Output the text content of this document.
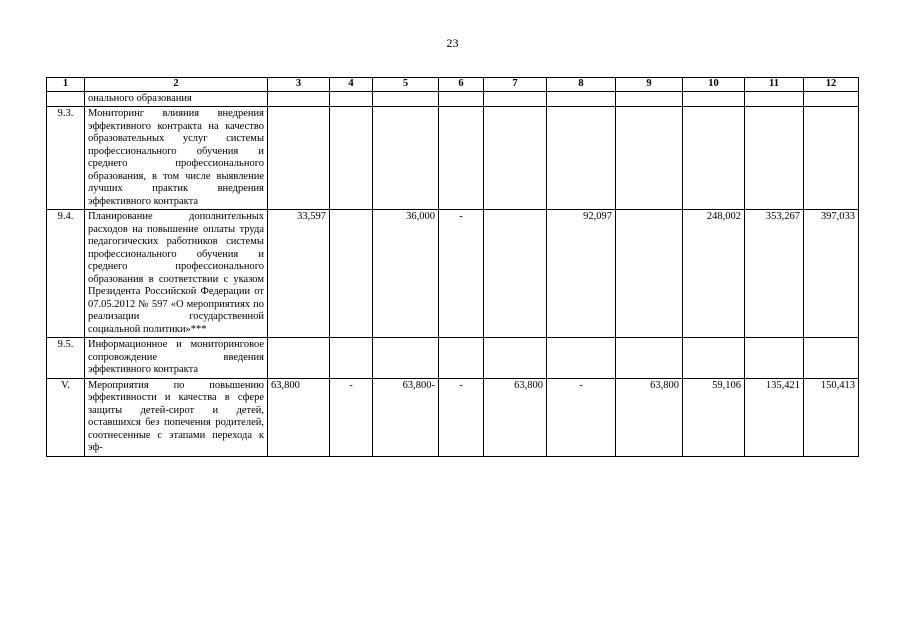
23
1	2	3	4	5	6	7	8	9	10	11	12
	онального образования										
9.3.	Мониторинг влияния внедрения эффективного контракта на качество образовательных услуг системы профессионального обучения и среднего профессионального образования, в том числе выявление лучших практик внедрения эффективного контракта										
9.4.	Планирование дополнительных расходов на повышение оплаты труда педагогических работников системы профессионального обучения и среднего профессионального образования в соответствии с указом Президента Российской Федерации от 07.05.2012 № 597 «О мероприятиях по реализации государственной социальной политики»***	33,597		36,000	-		92,097		248,002	353,267	397,033
9.5.	Информационное и мониторинговое сопровождение введения эффективного контракта										
V.	Мероприятия по повышению эффективности и качества в сфере защиты детей-сирот и детей, оставшихся без попечения родителей, соотнесенные с этапами перехода к эф-	63,800	-	63,800-	-	63,800	-	63,800	59,106	135,421	150,413
